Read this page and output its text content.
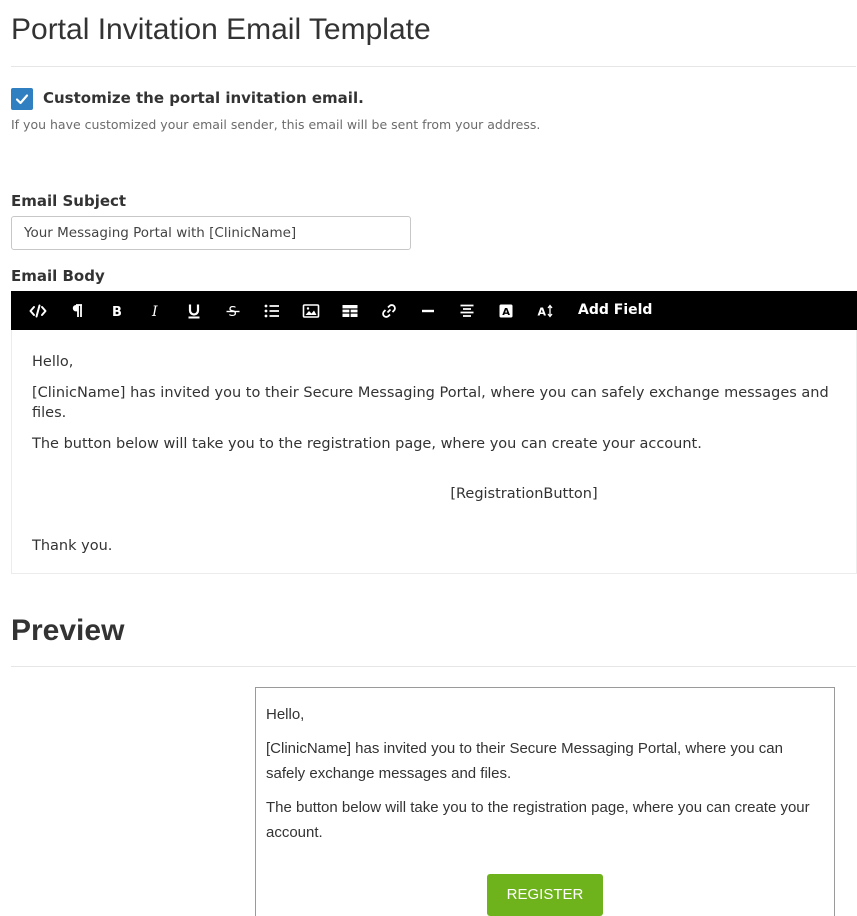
Portal Invitation Email Template
Customize the portal invitation email.
If you have customized your email sender, this email will be sent from your address.
Email Subject
Your Messaging Portal with [ClinicName]
Email Body
B I	S	A	A Add Field

Hello,

[ClinicName] has invited you to their Secure Messaging Portal, where you can safely exchange messages and files.

The button below will take you to the registration page, where you can create your account.

[RegistrationButton]

Thank you.

Preview

Hello,

[ClinicName] has invited you to their Secure Messaging Portal, where you can safely exchange messages and files.

The button below will take you to the registration page, where you can create your account.

REGISTER
